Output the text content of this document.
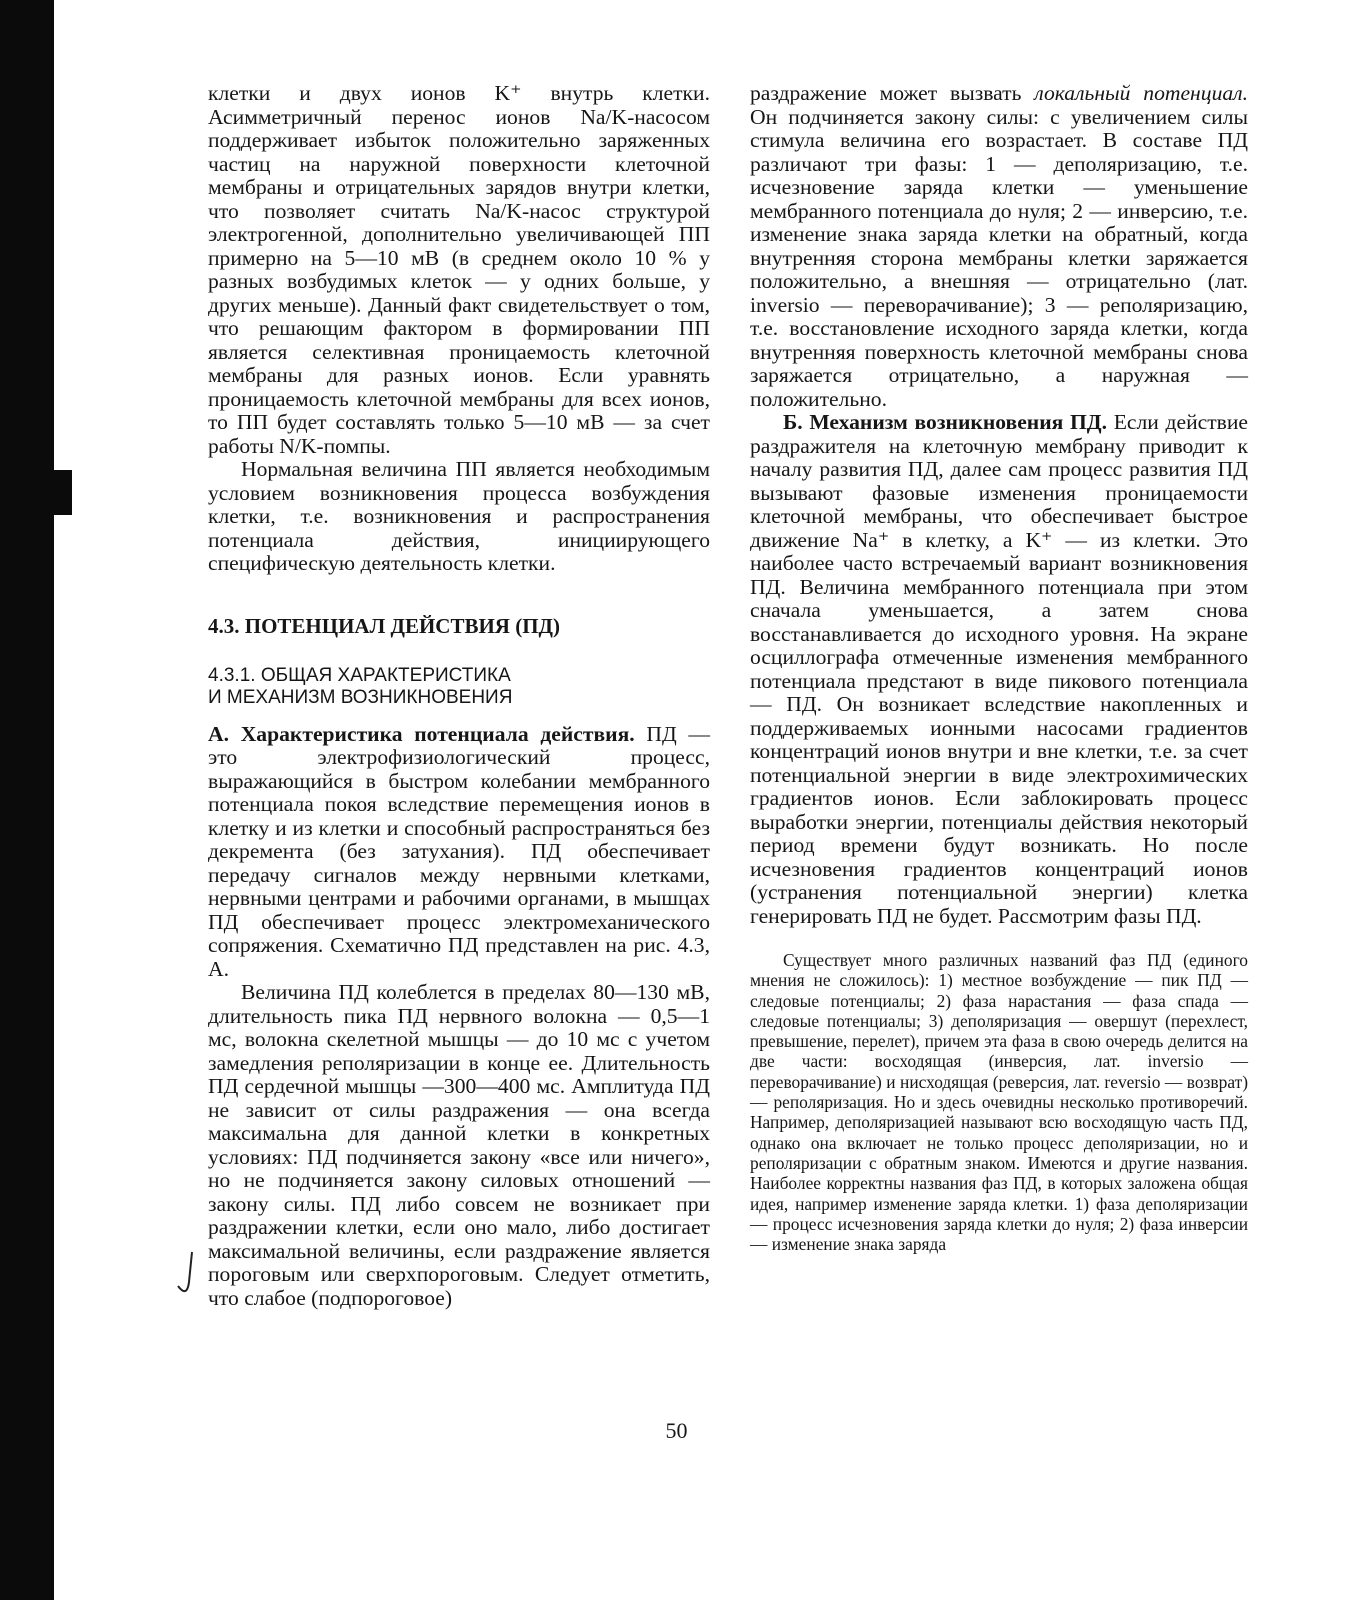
клетки и двух ионов K⁺ внутрь клетки. Асимметричный перенос ионов Na/K-насосом поддерживает избыток положительно заряженных частиц на наружной поверхности клеточной мембраны и отрицательных зарядов внутри клетки, что позволяет считать Na/K-насос структурой электрогенной, дополнительно увеличивающей ПП примерно на 5—10 мВ (в среднем около 10 % у разных возбудимых клеток — у одних больше, у других меньше). Данный факт свидетельствует о том, что решающим фактором в формировании ПП является селективная проницаемость клеточной мембраны для разных ионов. Если уравнять проницаемость клеточной мембраны для всех ионов, то ПП будет составлять только 5—10 мВ — за счет работы N/K-помпы.

Нормальная величина ПП является необходимым условием возникновения процесса возбуждения клетки, т.е. возникновения и распространения потенциала действия, инициирующего специфическую деятельность клетки.

4.3. ПОТЕНЦИАЛ ДЕЙСТВИЯ (ПД)

4.3.1. ОБЩАЯ ХАРАКТЕРИСТИКА

И МЕХАНИЗМ ВОЗНИКНОВЕНИЯ

А. Характеристика потенциала действия. ПД — это электрофизиологический процесс, выражающийся в быстром колебании мембранного потенциала покоя вследствие перемещения ионов в клетку и из клетки и способный распространяться без декремента (без затухания). ПД обеспечивает передачу сигналов между нервными клетками, нервными центрами и рабочими органами, в мышцах ПД обеспечивает процесс электромеханического сопряжения. Схематично ПД представлен на рис. 4.3, А.

Величина ПД колеблется в пределах 80—130 мВ, длительность пика ПД нервного волокна — 0,5—1 мс, волокна скелетной мышцы — до 10 мс с учетом замедления реполяризации в конце ее. Длительность ПД сердечной мышцы —300—400 мс. Амплитуда ПД не зависит от силы раздражения — она всегда максимальна для данной клетки в конкретных условиях: ПД подчиняется закону «все или ничего», но не подчиняется закону силовых отношений — закону силы. ПД либо совсем не возникает при раздражении клетки, если оно мало, либо достигает максимальной величины, если раздражение является пороговым или сверхпороговым. Следует отметить, что слабое (подпороговое)

раздражение может вызвать локальный потенциал. Он подчиняется закону силы: с увеличением силы стимула величина его возрастает. В составе ПД различают три фазы: 1 — деполяризацию, т.е. исчезновение заряда клетки — уменьшение мембранного потенциала до нуля; 2 — инверсию, т.е. изменение знака заряда клетки на обратный, когда внутренняя сторона мембраны клетки заряжается положительно, а внешняя — отрицательно (лат. inversio — переворачивание); 3 — реполяризацию, т.е. восстановление исходного заряда клетки, когда внутренняя поверхность клеточной мембраны снова заряжается отрицательно, а наружная — положительно.

Б. Механизм возникновения ПД. Если действие раздражителя на клеточную мембрану приводит к началу развития ПД, далее сам процесс развития ПД вызывают фазовые изменения проницаемости клеточной мембраны, что обеспечивает быстрое движение Na⁺ в клетку, а K⁺ — из клетки. Это наиболее часто встречаемый вариант возникновения ПД. Величина мембранного потенциала при этом сначала уменьшается, а затем снова восстанавливается до исходного уровня. На экране осциллографа отмеченные изменения мембранного потенциала предстают в виде пикового потенциала — ПД. Он возникает вследствие накопленных и поддерживаемых ионными насосами градиентов концентраций ионов внутри и вне клетки, т.е. за счет потенциальной энергии в виде электрохимических градиентов ионов. Если заблокировать процесс выработки энергии, потенциалы действия некоторый период времени будут возникать. Но после исчезновения градиентов концентраций ионов (устранения потенциальной энергии) клетка генерировать ПД не будет. Рассмотрим фазы ПД.

Существует много различных названий фаз ПД (единого мнения не сложилось): 1) местное возбуждение — пик ПД — следовые потенциалы; 2) фаза нарастания — фаза спада — следовые потенциалы; 3) деполяризация — овершут (перехлест, превышение, перелет), причем эта фаза в свою очередь делится на две части: восходящая (инверсия, лат. inversio — переворачивание) и нисходящая (реверсия, лат. reversio — возврат) — реполяризация. Но и здесь очевидны несколько противоречий. Например, деполяризацией называют всю восходящую часть ПД, однако она включает не только процесс деполяризации, но и реполяризации с обратным знаком. Имеются и другие названия. Наиболее корректны названия фаз ПД, в которых заложена общая идея, например изменение заряда клетки. 1) фаза деполяризации — процесс исчезновения заряда клетки до нуля; 2) фаза инверсии — изменение знака заряда

50
